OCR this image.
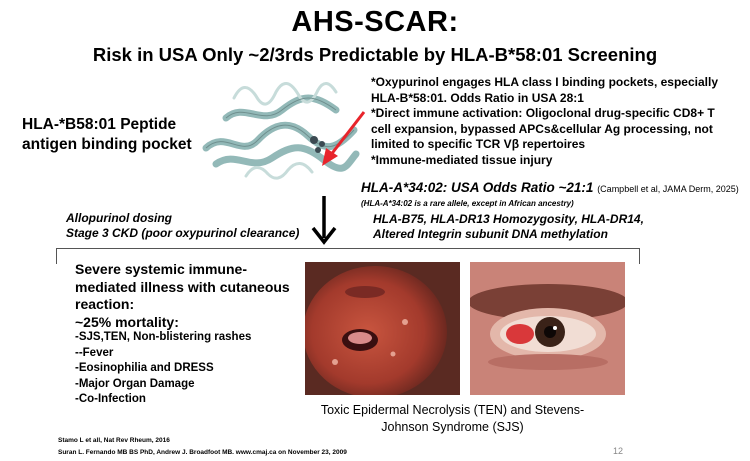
AHS-SCAR:
Risk in USA Only ~2/3rds Predictable by HLA-B*58:01 Screening
HLA-*B58:01 Peptide
antigen binding pocket
*Oxypurinol engages HLA class I binding pockets, especially
HLA-B*58:01. Odds Ratio in USA 28:1
*Direct immune activation: Oligoclonal drug-specific CD8+ T
cell expansion, bypassed APCs&cellular Ag processing, not
limited to specific TCR Vβ repertoires
*Immune-mediated tissue injury
HLA-A*34:02: USA Odds Ratio ~21:1 (Campbell et al, JAMA Derm, 2025)
(HLA-A*34:02 is a rare allele, except in African ancestry)
HLA-B75, HLA-DR13 Homozygosity, HLA-DR14,
Altered Integrin subunit DNA methylation
Allopurinol dosing
Stage 3 CKD (poor oxypurinol clearance)
Severe systemic immune-
mediated illness with cutaneous
reaction:
~25% mortality:
-SJS,TEN, Non-blistering rashes
--Fever
-Eosinophilia and DRESS
-Major Organ Damage
-Co-Infection
Toxic Epidermal Necrolysis (TEN) and Stevens-
Johnson Syndrome (SJS)
Stamo L et all, Nat Rev Rheum, 2016
Suran L. Fernando MB BS PhD, Andrew J. Broadfoot MB. www.cmaj.ca on November 23, 2009	12
